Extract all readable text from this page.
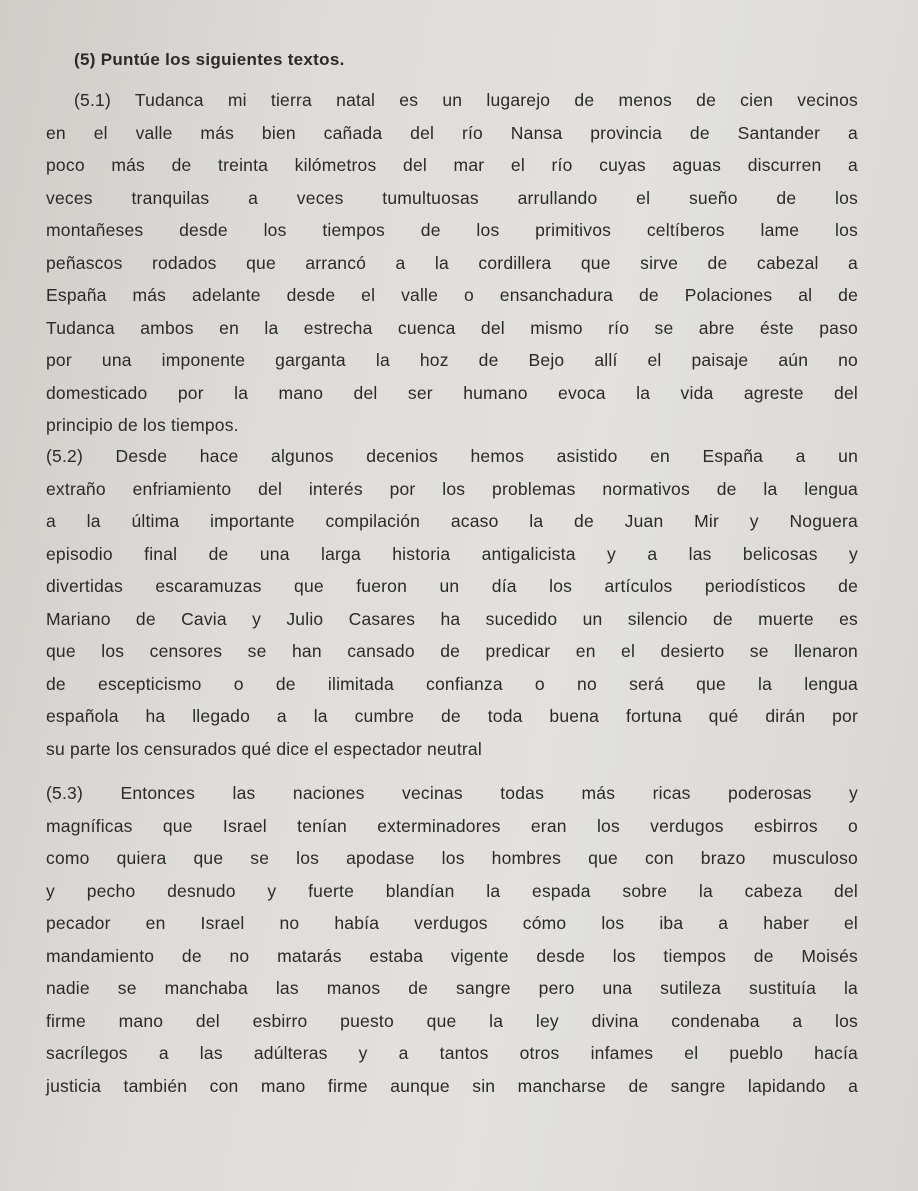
(5) Puntúe los siguientes textos.

(5.1) Tudanca mi tierra natal es un lugarejo de menos de cien vecinos
en el valle más bien cañada del río Nansa provincia de Santander a
poco más de treinta kilómetros del mar el río cuyas aguas discurren a
veces tranquilas a veces tumultuosas arrullando el sueño de los
montañeses desde los tiempos de los primitivos celtíberos lame los
peñascos rodados que arrancó a la cordillera que sirve de cabezal a
España más adelante desde el valle o ensanchadura de Polaciones al de
Tudanca ambos en la estrecha cuenca del mismo río se abre éste paso
por una imponente garganta la hoz de Bejo allí el paisaje aún no
domesticado por la mano del ser humano evoca la vida agreste del
principio de los tiempos.
(5.2) Desde hace algunos decenios hemos asistido en España a un
extraño enfriamiento del interés por los problemas normativos de la lengua
a la última importante compilación acaso la de Juan Mir y Noguera
episodio final de una larga historia antigalicista y a las belicosas y
divertidas escaramuzas que fueron un día los artículos periodísticos de
Mariano de Cavia y Julio Casares ha sucedido un silencio de muerte es
que los censores se han cansado de predicar en el desierto se llenaron
de escepticismo o de ilimitada confianza o no será que la lengua
española ha llegado a la cumbre de toda buena fortuna qué dirán por
su parte los censurados qué dice el espectador neutral
(5.3) Entonces las naciones vecinas todas más ricas poderosas y
magníficas que Israel tenían exterminadores eran los verdugos esbirros o
como quiera que se los apodase los hombres que con brazo musculoso
y pecho desnudo y fuerte blandían la espada sobre la cabeza del
pecador en Israel no había verdugos cómo los iba a haber el
mandamiento de no matarás estaba vigente desde los tiempos de Moisés
nadie se manchaba las manos de sangre pero una sutileza sustituía la
firme mano del esbirro puesto que la ley divina condenaba a los
sacrílegos a las adúlteras y a tantos otros infames el pueblo hacía
justicia también con mano firme aunque sin mancharse de sangre lapidando a
